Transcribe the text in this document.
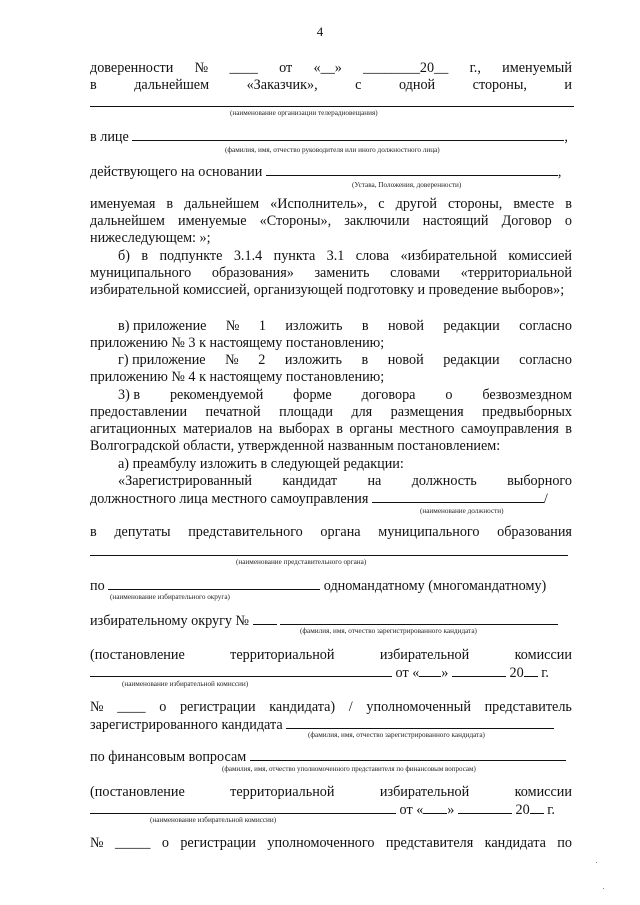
4
доверенности № ____ от «__» ________20__ г., именуемый
в	дальнейшем	«Заказчик»,	с	одной	стороны,	и
(наименование организации телерадиовещания)
в лице	,
(фамилия, имя, отчество руководителя или иного должностного лица)
действующего на основании	,
(Устава, Положения, доверенности)
именуемая в дальнейшем «Исполнитель», с другой стороны, вместе в дальнейшем именуемые «Стороны», заключили настоящий Договор о нижеследующем: »;
б) в подпункте 3.1.4 пункта 3.1 слова «избирательной комиссией муниципального образования» заменить словами «территориальной избирательной комиссией, организующей подготовку и проведение выборов»;
в) приложение № 1 изложить в новой редакции согласно
приложению № 3 к настоящему постановлению;
г) приложение № 2 изложить в новой редакции согласно
приложению № 4 к настоящему постановлению;
3) в рекомендуемой форме договора о безвозмездном
предоставлении печатной площади для размещения предвыборных агитационных материалов на выборах в органы местного самоуправления в Волгоградской области, утвержденной названным постановлением:
а) преамбулу изложить в следующей редакции:
«Зарегистрированный кандидат на должность выборного
должностного лица местного самоуправления	/
(наименование должности)
в депутаты представительного органа муниципального образования
(наименование представительного органа)
по	одномандатному (многомандатному)
(наименование избирательного округа)
избирательному округу №
(фамилия, имя, отчество зарегистрированного кандидата)
(постановление	территориальной	избирательной	комиссии
от « »	20 г.
(наименование избирательной комиссии)
№ ____ о регистрации кандидата) / уполномоченный представитель
зарегистрированного кандидата
(фамилия, имя, отчество зарегистрированного кандидата)
по финансовым вопросам
(фамилия, имя, отчество уполномоченного представителя по финансовым вопросам)
(постановление	территориальной	избирательной	комиссии
от « »	20 г.
(наименование избирательной комиссии)
№ _____ о регистрации уполномоченного представителя кандидата по
